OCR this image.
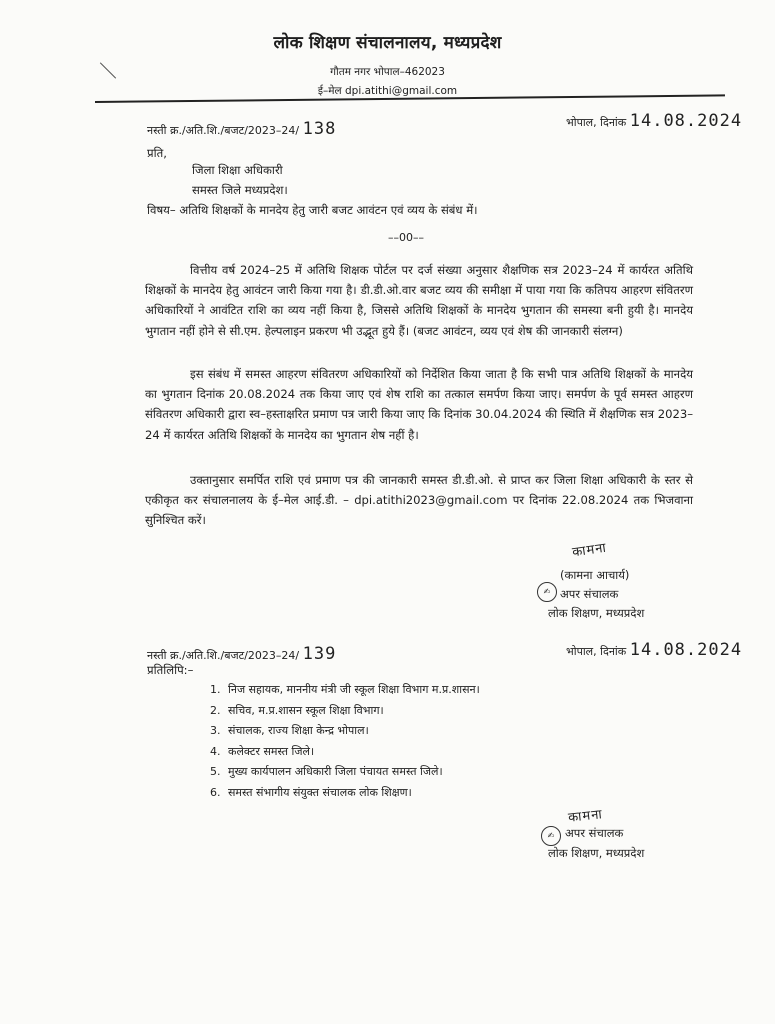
लोक शिक्षण संचालनालय, मध्यप्रदेश
गौतम नगर भोपाल–462023
ई–मेल dpi.atithi@gmail.com
नस्ती क्र./अति.शि./बजट/2023–24/ 138	भोपाल, दिनांक 14.08.2024
प्रति,
जिला शिक्षा अधिकारी
समस्त जिले मध्यप्रदेश।
विषय– अतिथि शिक्षकों के मानदेय हेतु जारी बजट आवंटन एवं व्यय के संबंध में।
––00––
वित्तीय वर्ष 2024–25 में अतिथि शिक्षक पोर्टल पर दर्ज संख्या अनुसार शैक्षणिक सत्र 2023–24 में कार्यरत अतिथि शिक्षकों के मानदेय हेतु आवंटन जारी किया गया है। डी.डी.ओ.वार बजट व्यय की समीक्षा में पाया गया कि कतिपय आहरण संवितरण अधिकारियों ने आवंटित राशि का व्यय नहीं किया है, जिससे अतिथि शिक्षकों के मानदेय भुगतान की समस्या बनी हुयी है। मानदेय भुगतान नहीं होने से सी.एम. हेल्पलाइन प्रकरण भी उद्भूत हुये हैं। (बजट आवंटन, व्यय एवं शेष की जानकारी संलग्न)
इस संबंध में समस्त आहरण संवितरण अधिकारियों को निर्देशित किया जाता है कि सभी पात्र अतिथि शिक्षकों के मानदेय का भुगतान दिनांक 20.08.2024 तक किया जाए एवं शेष राशि का तत्काल समर्पण किया जाए। समर्पण के पूर्व समस्त आहरण संवितरण अधिकारी द्वारा स्व–हस्ताक्षरित प्रमाण पत्र जारी किया जाए कि दिनांक 30.04.2024 की स्थिति में शैक्षणिक सत्र 2023–24 में कार्यरत अतिथि शिक्षकों के मानदेय का भुगतान शेष नहीं है।
उक्तानुसार समर्पित राशि एवं प्रमाण पत्र की जानकारी समस्त डी.डी.ओ. से प्राप्त कर जिला शिक्षा अधिकारी के स्तर से एकीकृत कर संचालनालय के ई–मेल आई.डी. – dpi.atithi2023@gmail.com पर दिनांक 22.08.2024 तक भिजवाना सुनिश्चित करें।
कामना
✍
(कामना आचार्य)
अपर संचालक
लोक शिक्षण, मध्यप्रदेश
नस्ती क्र./अति.शि./बजट/2023–24/ 139	भोपाल, दिनांक 14.08.2024
प्रतिलिपि:–
1. निज सहायक, माननीय मंत्री जी स्कूल शिक्षा विभाग म.प्र.शासन।
2. सचिव, म.प्र.शासन स्कूल शिक्षा विभाग।
3. संचालक, राज्य शिक्षा केन्द्र भोपाल।
4. कलेक्टर समस्त जिले।
5. मुख्य कार्यपालन अधिकारी जिला पंचायत समस्त जिले।
6. समस्त संभागीय संयुक्त संचालक लोक शिक्षण।
कामना
✍ अपर संचालक
लोक शिक्षण, मध्यप्रदेश
